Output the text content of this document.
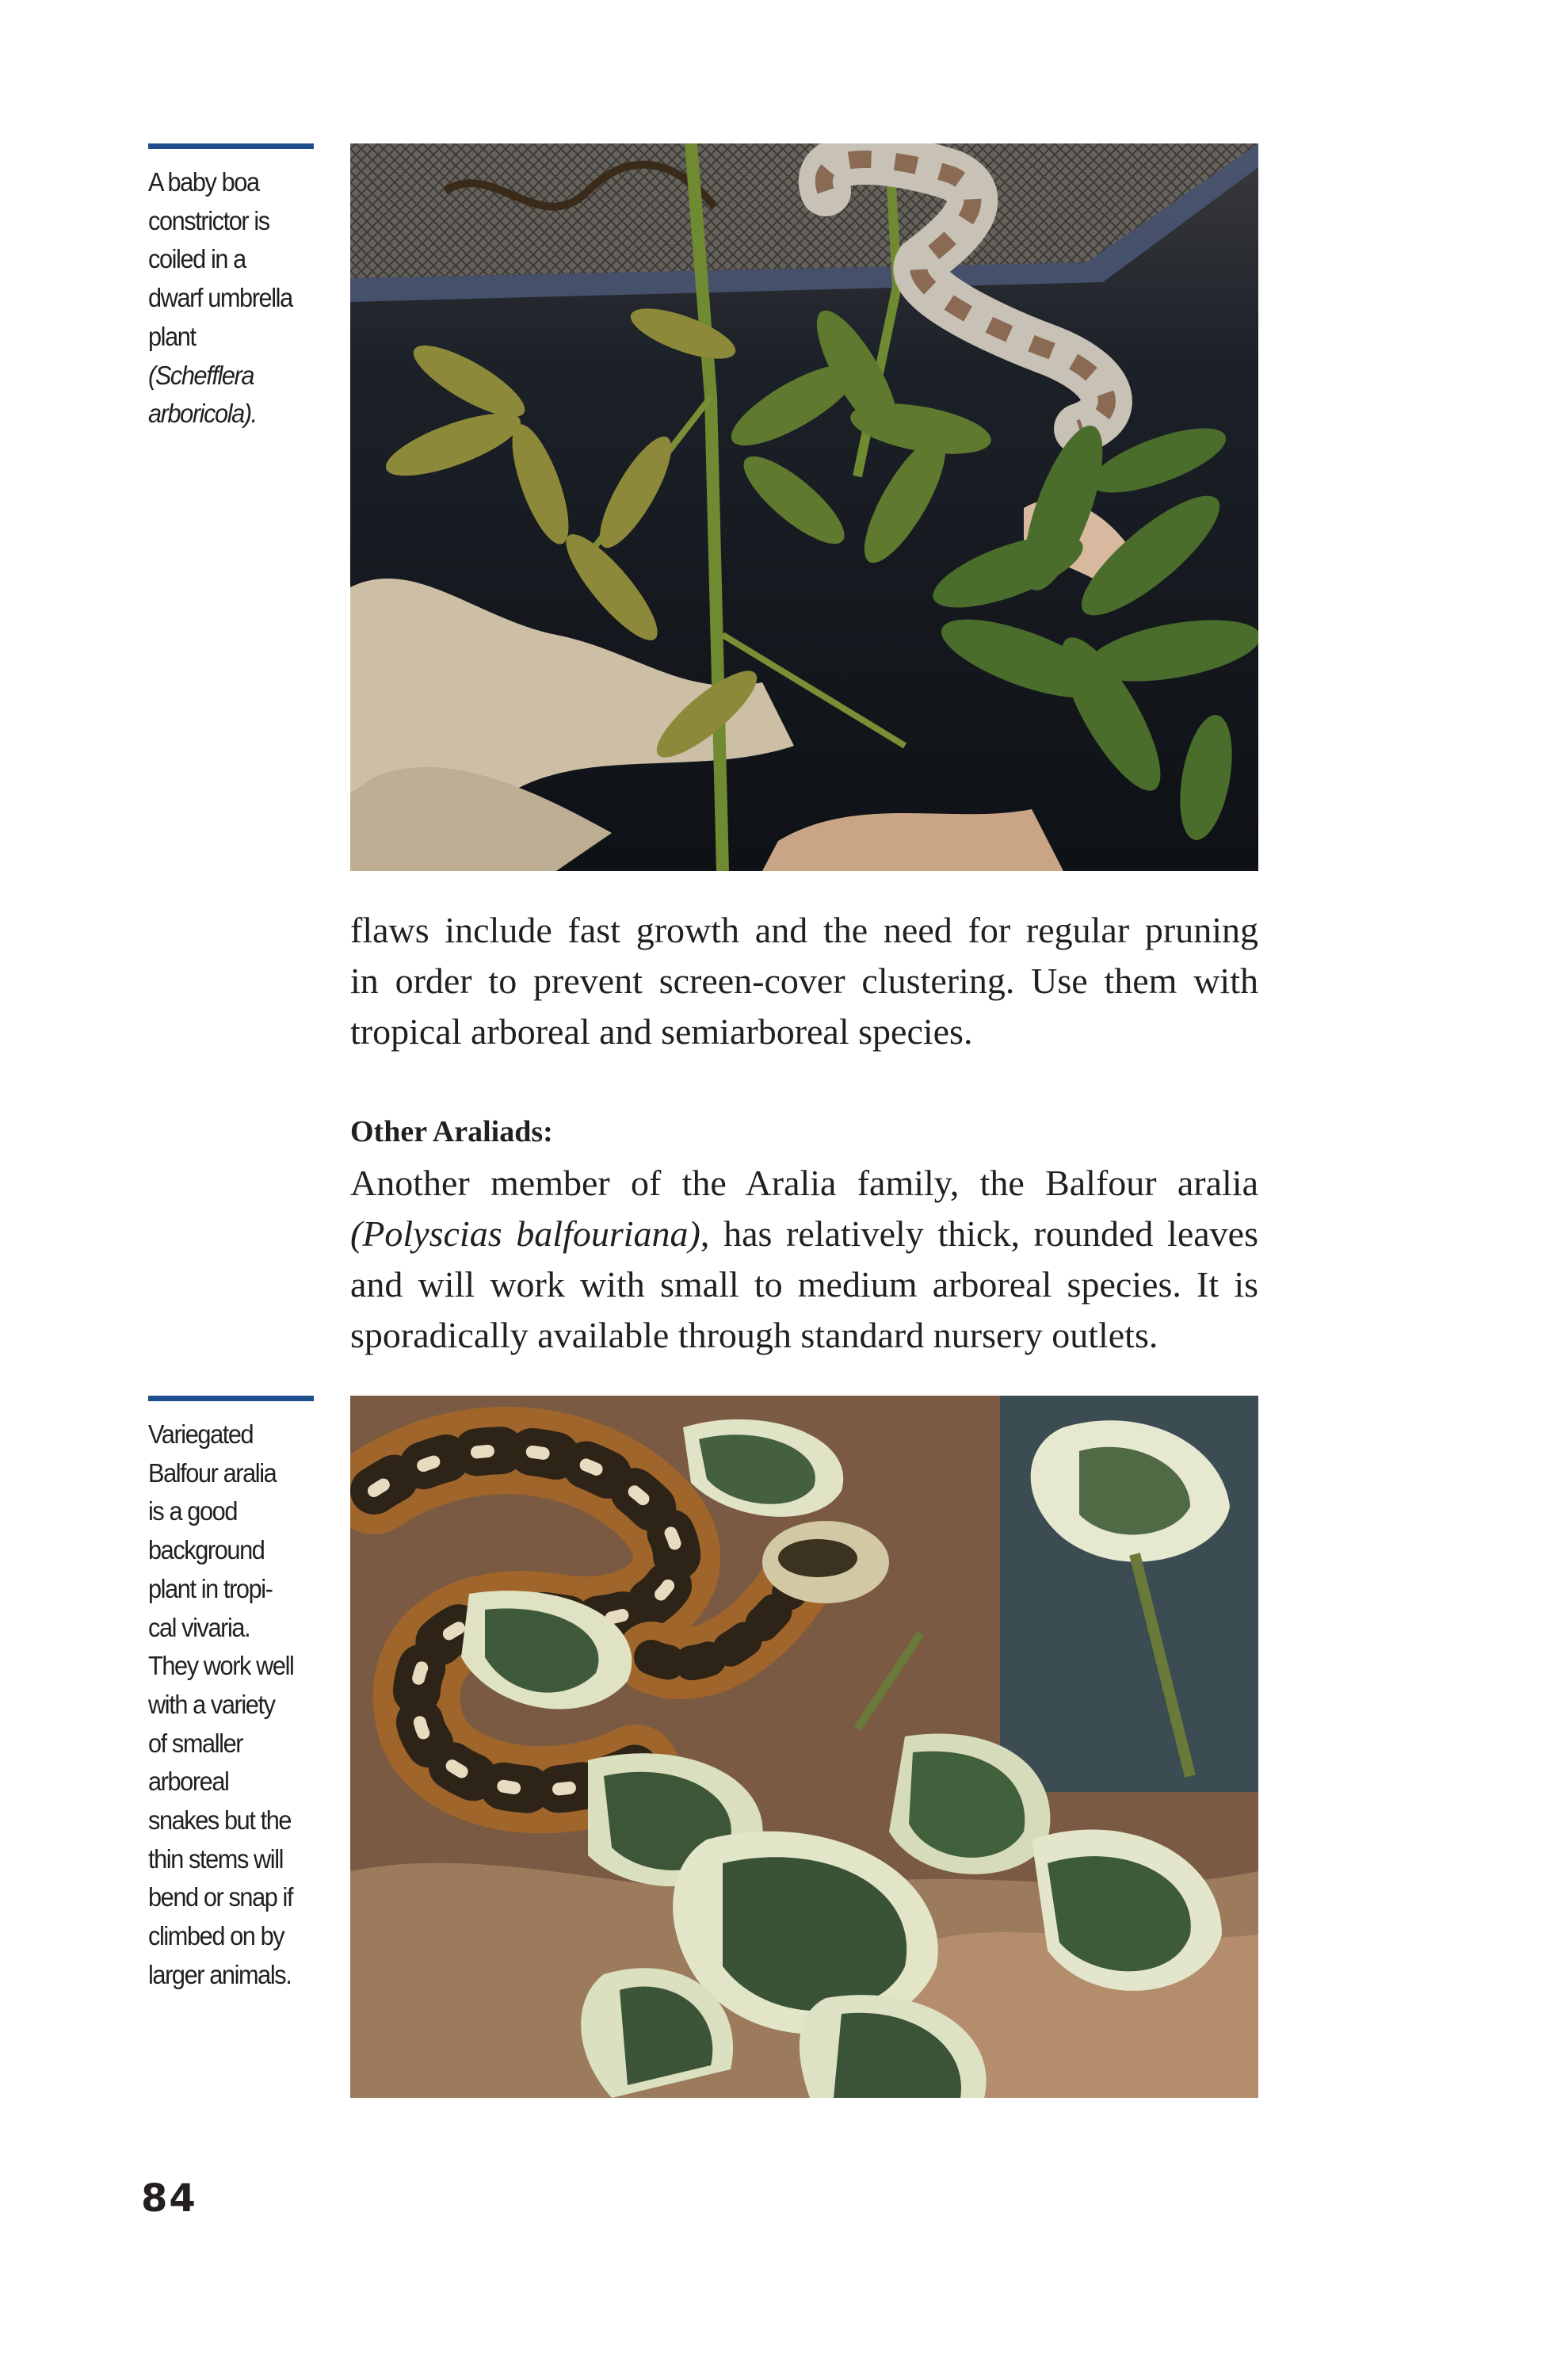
A baby boa
constrictor is
coiled in a
dwarf umbrella
plant
(Schefflera
arboricola).
flaws include fast growth and the need for regular pruning
in order to prevent screen-cover clustering. Use them with
tropical arboreal and semiarboreal species.
Other Araliads:
Another member of the Aralia family, the Balfour aralia
(Polyscias balfouriana), has relatively thick, rounded leaves
and will work with small to medium arboreal species. It is
sporadically available through standard nursery outlets.
Variegated
Balfour aralia
is a good
background
plant in tropi-
cal vivaria.
They work well
with a variety
of smaller
arboreal
snakes but the
thin stems will
bend or snap if
climbed on by
larger animals.
84
